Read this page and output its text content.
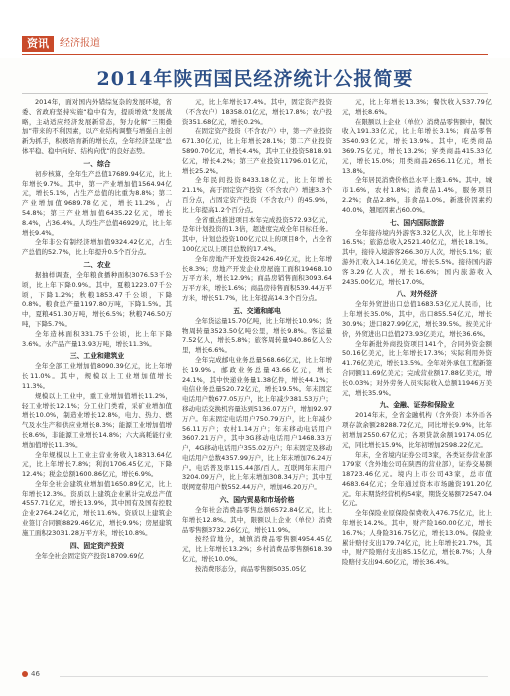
资讯	经济报道
2014年陕西国民经济统计公报简要

2014年，面对国内外错综复杂的发展环境，省委、省政府坚持实施“稳中有为，提质增效”发展战略，主动适应经济发展新常态，努力化解“三期叠加”带来的不利因素，以产业结构调整与增强自主创新为抓手，积极培育新的增长点，全年经济呈现“总体平稳、稳中向好、结构向优”的良好态势。

一、综合

初步核算，全年生产总值17689.94亿元，比上年增长9.7%。其中，第一产业增加值1564.94亿元，增长5.1%，占生产总值的比重为8.8%；第二产业增加值9689.78亿元，增长11.2%，占54.8%；第三产业增加值6435.22亿元，增长8.4%，占36.4%。人均生产总值46929元，比上年增长9.4%。

全年非公有制经济增加值9324.42亿元，占生产总值的52.7%，比上年提升0.5个百分点。

二、农业

据抽样调查，全年粮食播种面积3076.53千公顷，比上年下降0.9%。其中，夏粮1223.07千公顷，下降1.2%；秋粮1853.47千公顷，下降0.8%。粮食总产量1197.80万吨，下降1.5%。其中，夏粮451.30万吨，增长6.5%；秋粮746.50万吨，下降5.7%。

全年造林面积331.75千公顷，比上年下降3.6%。水产品产量13.93万吨，增长11.3%。

三、工业和建筑业

全年全部工业增加值8090.39亿元，比上年增长11.0%。其中，规模以上工业增加值增长11.3%。

规模以上工业中，重工业增加值增长11.2%，轻工业增长12.1%；分工业门类看，采矿业增加值增长10.0%，制造业增长12.8%，电力、热力、燃气及水生产和供应业增长8.3%；能源工业增加值增长8.6%，非能源工业增长14.8%；六大高耗能行业增加值增长11.3%。

全年规模以上工业主营业务收入18313.64亿元，比上年增长7.8%；利润1706.45亿元，下降12.4%；税金总额1600.86亿元，增长6.9%。

全年全社会建筑业增加值1650.89亿元，比上年增长12.3%。资质以上建筑企业累计完成总产值4557.71亿元，增长13.9%，其中国有及国有控股企业2764.24亿元，增长11.6%。资质以上建筑企业签订合同额8829.46亿元，增长9.9%；房屋建筑施工面积23031.28万平方米，增长10.8%。

四、固定资产投资

全年全社会固定资产投资18709.69亿

元，比上年增长17.4%。其中，固定资产投资（不含农户）18358.01亿元，增长17.8%；农户投资351.68亿元，增长0.2%。

在固定资产投资（不含农户）中，第一产业投资671.30亿元，比上年增长28.1%；第二产业投资5890.70亿元，增长4.4%，其中工业投资5818.91亿元，增长4.2%；第三产业投资11796.01亿元，增长25.2%。

全年民间投资8433.18亿元，比上年增长21.1%，高于固定资产投资（不含农户）增速3.3个百分点，占固定资产投资（不含农户）的45.9%，比上年提高1.2个百分点。

全省重点推进项目本年完成投资572.93亿元，是年计划投资的1.3倍，超进度完成全年目标任务。其中，计划总投资100亿元以上的项目8个，占全省100亿元以上项目总数的17.4%。

全年房地产开发投资2426.49亿元，比上年增长8.3%；房地产开发企业房屋施工面积19468.10万平方米，增长12.9%；商品房销售面积3093.64万平方米，增长1.6%；商品房待售面积539.44万平方米，增长51.7%，比上年提高14.3个百分点。

五、交通和邮电

全年货运量15.70亿吨，比上年增长10.9%；货物周转量3523.50亿吨公里，增长9.8%。客运量7.52亿人，增长5.8%；旅客周转量940.86亿人公里，增长6.6%。

全年完成邮电业务总量568.66亿元，比上年增长19.9%。邮政业务总量43.66亿元，增长24.1%，其中快递业务量1.38亿件，增长44.1%；电信业务总量520.72亿元，增长19.5%。年末固定电话用户数677.05万户，比上年减少381.53万户；移动电话交换机容量达到5136.07万户，增加92.97万户。年末固定电话用户750.79万户，比上年减少56.11万户；农村1.14万户；年末移动电话用户3607.21万户，其中3G移动电话用户1468.33万户，4G移动电话用户355.02万户；年末固定及移动电话用户总数4357.99万户，比上年末增加76.24万户。电话普及率115.44部/百人。互联网年末用户3204.09万户，比上年末增加308.34万户；其中互联网宽带用户数552.44万户，增加46.20万户。

六、国内贸易和市场价格

全年社会消费品零售总额6572.84亿元，比上年增长12.8%。其中，限额以上企业（单位）消费品零售额3732.26亿元，增长11.9%。

按经营地分，城镇消费品零售额4954.45亿元，比上年增长13.2%；乡村消费品零售额618.39亿元，增长10.0%。

按消费形态分，商品零售额5035.05亿

元，比上年增长13.3%；餐饮收入537.79亿元，增长8.6%。

在限额以上企业（单位）消费品零售额中，餐饮收入191.33亿元，比上年增长3.1%；商品零售3540.93亿元，增长13.9%。其中，吃类商品369.75亿元，增长13.2%；穿类商品415.33亿元，增长15.0%；用类商品2656.11亿元，增长13.8%。

全年居民消费价格总水平上涨1.6%。其中，城市1.6%，农村1.8%；消费品1.4%，服务项目2.2%；食品2.8%，非食品1.0%。新涨价因素约40.0%，翘尾因素占60.0%。

七、国内国际旅游

全年接待境内外游客3.32亿人次，比上年增长16.5%；旅游总收入2521.40亿元，增长18.1%。其中，接待入境游客266.30万人次，增长5.1%；旅游外汇收入14.16亿美元，增长5.5%。接待国内游客3.29亿人次，增长16.6%；国内旅游收入2435.00亿元，增长17.0%。

八、对外经济

全年外贸进出口总值1683.53亿元人民币，比上年增长35.0%，其中，出口855.54亿元，增长30.9%；进口827.99亿元，增长39.5%。按美元计价，外贸进出口总值273.93亿美元，增长36.6%。

全年新批外商投资项目141个，合同外资金额50.16亿美元，比上年增长17.3%；实际利用外资41.76亿美元，增长13.5%。全年对外承包工程新签合同额11.69亿美元；完成营业额17.88亿美元，增长0.03%；对外劳务人员实际收入总额11946万美元，增长35.9%。

九、金融、证券和保险业

2014年末，全省金融机构（含外资）本外币各项存款余额28288.72亿元，同比增长9.9%，比年初增加2550.67亿元；各项贷款余额19174.05亿元，同比增长15.9%，比年初增加2598.22亿元。

年末，全省境内证券公司3家，各类证券营业部179家（含外地公司在陕西的营业部），证券交易额18723.46亿元。境内上市公司43家，总市值4683.64亿元；全年通过资本市场融资191.20亿元。年末期货经营机构54家，期货交易额72547.04亿元。

全年保险业原保险保费收入476.75亿元，比上年增长14.2%。其中，财产险160.00亿元，增长16.7%；人身险316.75亿元，增长13.0%。保险业累计赔付支出179.74亿元，比上年增长21.7%，其中，财产险赔付支出85.15亿元，增长8.7%；人身险赔付支出94.60亿元，增长36.4%。

46
